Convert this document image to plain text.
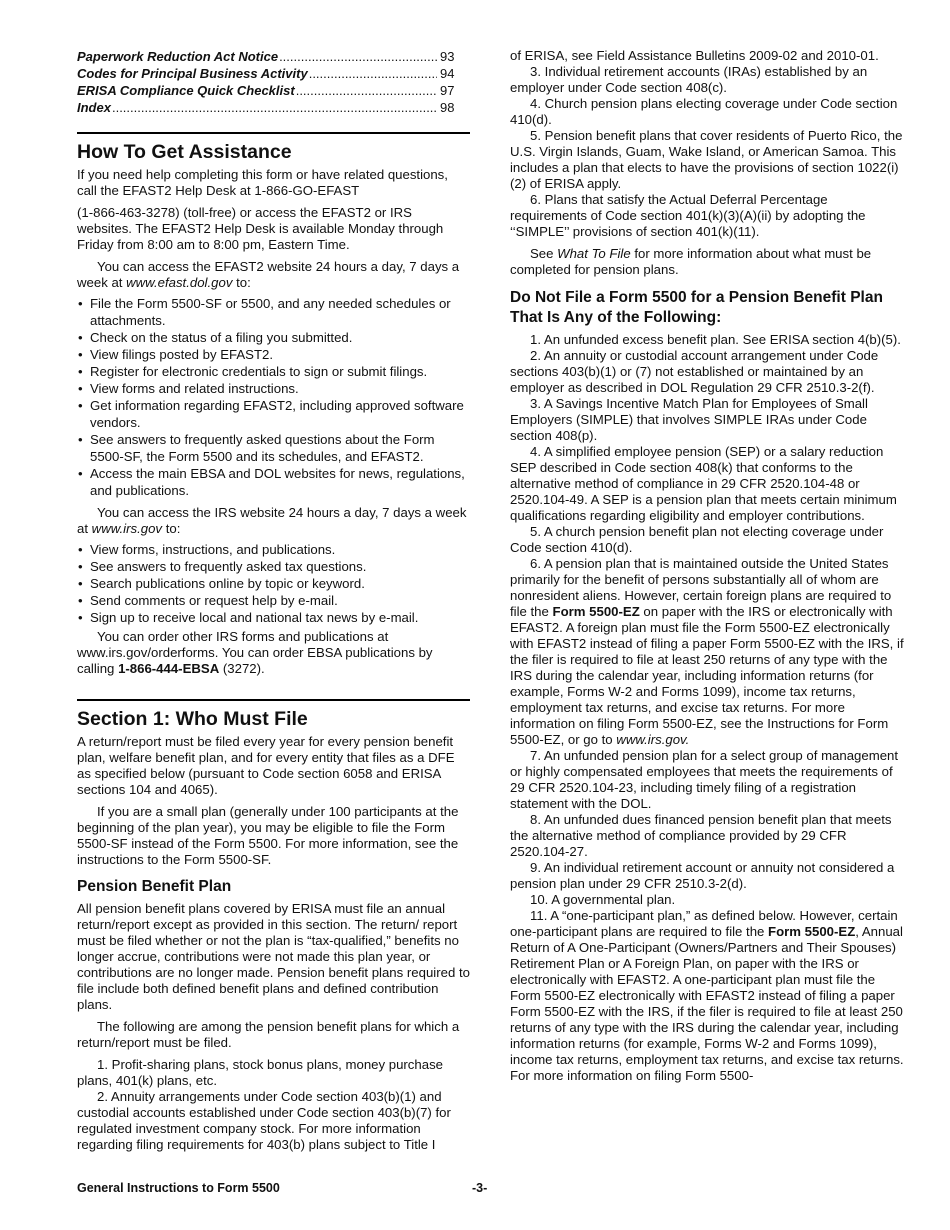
Paperwork Reduction Act Notice .....	93
Codes for Principal Business Activity .....	94
ERISA Compliance Quick Checklist .....	97
Index .....	98
How To Get Assistance

If you need help completing this form or have related questions, call the EFAST2 Help Desk at 1-866-GO-EFAST

(1-866-463-3278) (toll-free) or access the EFAST2 or IRS websites. The EFAST2 Help Desk is available Monday through Friday from 8:00 am to 8:00 pm, Eastern Time.

You can access the EFAST2 website 24 hours a day, 7 days a week at www.efast.dol.gov to:

• File the Form 5500-SF or 5500, and any needed schedules or attachments.
• Check on the status of a filing you submitted.
• View filings posted by EFAST2.
• Register for electronic credentials to sign or submit filings.
• View forms and related instructions.
• Get information regarding EFAST2, including approved software vendors.
• See answers to frequently asked questions about the Form 5500-SF, the Form 5500 and its schedules, and EFAST2.
• Access the main EBSA and DOL websites for news, regulations, and publications.

You can access the IRS website 24 hours a day, 7 days a week at www.irs.gov to:

• View forms, instructions, and publications.
• See answers to frequently asked tax questions.
• Search publications online by topic or keyword.
• Send comments or request help by e-mail.
• Sign up to receive local and national tax news by e-mail.

You can order other IRS forms and publications at www.irs.gov/orderforms. You can order EBSA publications by calling 1-866-444-EBSA (3272).

Section 1: Who Must File

A return/report must be filed every year for every pension benefit plan, welfare benefit plan, and for every entity that files as a DFE as specified below (pursuant to Code section 6058 and ERISA sections 104 and 4065).

If you are a small plan (generally under 100 participants at the beginning of the plan year), you may be eligible to file the Form 5500-SF instead of the Form 5500. For more information, see the instructions to the Form 5500-SF.

Pension Benefit Plan

All pension benefit plans covered by ERISA must file an annual return/report except as provided in this section. The return/ report must be filed whether or not the plan is “tax-qualified,” benefits no longer accrue, contributions were not made this plan year, or contributions are no longer made. Pension benefit plans required to file include both defined benefit plans and defined contribution plans.

The following are among the pension benefit plans for which a return/report must be filed.

1. Profit-sharing plans, stock bonus plans, money purchase plans, 401(k) plans, etc.

2. Annuity arrangements under Code section 403(b)(1) and custodial accounts established under Code section 403(b)(7) for regulated investment company stock. For more information regarding filing requirements for 403(b) plans subject to Title I

of ERISA, see Field Assistance Bulletins 2009-02 and 2010-01.

3. Individual retirement accounts (IRAs) established by an employer under Code section 408(c).

4. Church pension plans electing coverage under Code section 410(d).

5. Pension benefit plans that cover residents of Puerto Rico, the U.S. Virgin Islands, Guam, Wake Island, or American Samoa. This includes a plan that elects to have the provisions of section 1022(i)(2) of ERISA apply.

6. Plans that satisfy the Actual Deferral Percentage requirements of Code section 401(k)(3)(A)(ii) by adopting the ‘‘SIMPLE’’ provisions of section 401(k)(11).

See What To File for more information about what must be completed for pension plans.

Do Not File a Form 5500 for a Pension Benefit Plan That Is Any of the Following:

1. An unfunded excess benefit plan. See ERISA section 4(b)(5).

2. An annuity or custodial account arrangement under Code sections 403(b)(1) or (7) not established or maintained by an employer as described in DOL Regulation 29 CFR 2510.3-2(f).

3. A Savings Incentive Match Plan for Employees of Small Employers (SIMPLE) that involves SIMPLE IRAs under Code section 408(p).

4. A simplified employee pension (SEP) or a salary reduction SEP described in Code section 408(k) that conforms to the alternative method of compliance in 29 CFR 2520.104-48 or 2520.104-49. A SEP is a pension plan that meets certain minimum qualifications regarding eligibility and employer contributions.

5. A church pension benefit plan not electing coverage under Code section 410(d).

6. A pension plan that is maintained outside the United States primarily for the benefit of persons substantially all of whom are nonresident aliens. However, certain foreign plans are required to file the Form 5500-EZ on paper with the IRS or electronically with EFAST2. A foreign plan must file the Form 5500-EZ electronically with EFAST2 instead of filing a paper Form 5500-EZ with the IRS, if the filer is required to file at least 250 returns of any type with the IRS during the calendar year, including information returns (for example, Forms W-2 and Forms 1099), income tax returns, employment tax returns, and excise tax returns. For more information on filing Form 5500-EZ, see the Instructions for Form 5500-EZ, or go to www.irs.gov.

7. An unfunded pension plan for a select group of management or highly compensated employees that meets the requirements of 29 CFR 2520.104-23, including timely filing of a registration statement with the DOL.

8. An unfunded dues financed pension benefit plan that meets the alternative method of compliance provided by 29 CFR 2520.104-27.

9. An individual retirement account or annuity not considered a pension plan under 29 CFR 2510.3-2(d).

10. A governmental plan.

11. A “one-participant plan,” as defined below. However, certain one-participant plans are required to file the Form 5500-EZ, Annual Return of A One-Participant (Owners/Partners and Their Spouses) Retirement Plan or A Foreign Plan, on paper with the IRS or electronically with EFAST2. A one-participant plan must file the Form 5500-EZ electronically with EFAST2 instead of filing a paper Form 5500-EZ with the IRS, if the filer is required to file at least 250 returns of any type with the IRS during the calendar year, including information returns (for example, Forms W-2 and Forms 1099), income tax returns, employment tax returns, and excise tax returns. For more information on filing Form 5500-

General Instructions to Form 5500	-3-
